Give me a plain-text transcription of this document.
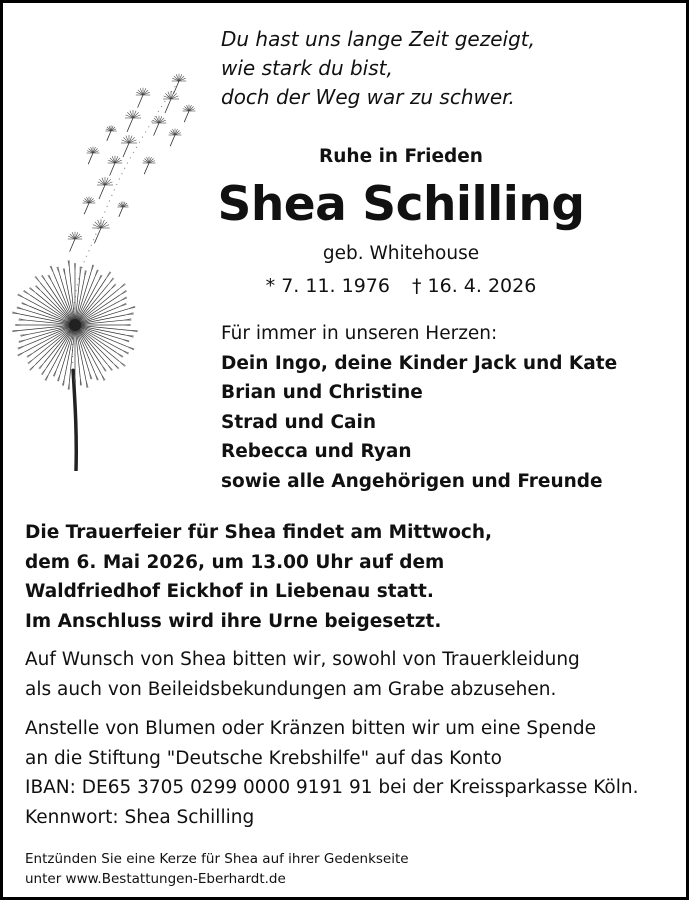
Du hast uns lange Zeit gezeigt,
wie stark du bist,
doch der Weg war zu schwer.
Ruhe in Frieden
Shea Schilling
geb. Whitehouse
* 7. 11. 1976 † 16. 4. 2026
Für immer in unseren Herzen:
Dein Ingo, deine Kinder Jack und Kate
Brian und Christine
Strad und Cain
Rebecca und Ryan
sowie alle Angehörigen und Freunde
Die Trauerfeier für Shea findet am Mittwoch,
dem 6. Mai 2026, um 13.00 Uhr auf dem
Waldfriedhof Eickhof in Liebenau statt.
Im Anschluss wird ihre Urne beigesetzt.
Auf Wunsch von Shea bitten wir, sowohl von Trauerkleidung
als auch von Beileidsbekundungen am Grabe abzusehen.
Anstelle von Blumen oder Kränzen bitten wir um eine Spende
an die Stiftung "Deutsche Krebshilfe" auf das Konto
IBAN: DE65 3705 0299 0000 9191 91 bei der Kreissparkasse Köln.
Kennwort: Shea Schilling
Entzünden Sie eine Kerze für Shea auf ihrer Gedenkseite
unter www.Bestattungen-Eberhardt.de
